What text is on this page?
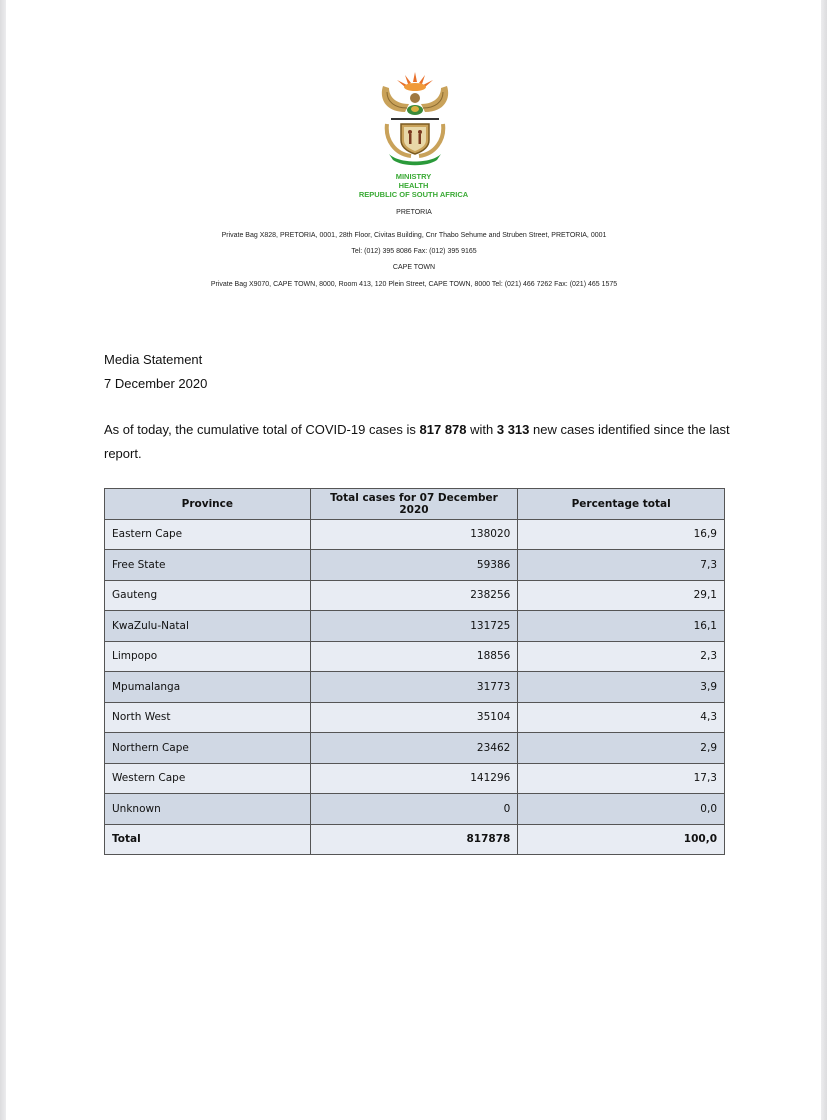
MINISTRY
HEALTH
REPUBLIC OF SOUTH AFRICA
PRETORIA
Private Bag X828, PRETORIA, 0001, 28th Floor, Civitas Building, Cnr Thabo Sehume and Struben Street, PRETORIA, 0001
Tel: (012) 395 8086 Fax: (012) 395 9165
CAPE TOWN
Private Bag X9070, CAPE TOWN, 8000, Room 413, 120 Plein Street, CAPE TOWN, 8000 Tel: (021) 466 7262 Fax: (021) 465 1575
Media Statement
7 December 2020
As of today, the cumulative total of COVID-19 cases is 817 878 with 3 313 new cases identified since the last report.
Province	Total cases for 07 December 2020	Percentage total
Eastern Cape	138020	16,9
Free State	59386	7,3
Gauteng	238256	29,1
KwaZulu-Natal	131725	16,1
Limpopo	18856	2,3
Mpumalanga	31773	3,9
North West	35104	4,3
Northern Cape	23462	2,9
Western Cape	141296	17,3
Unknown	0	0,0
Total	817878	100,0
